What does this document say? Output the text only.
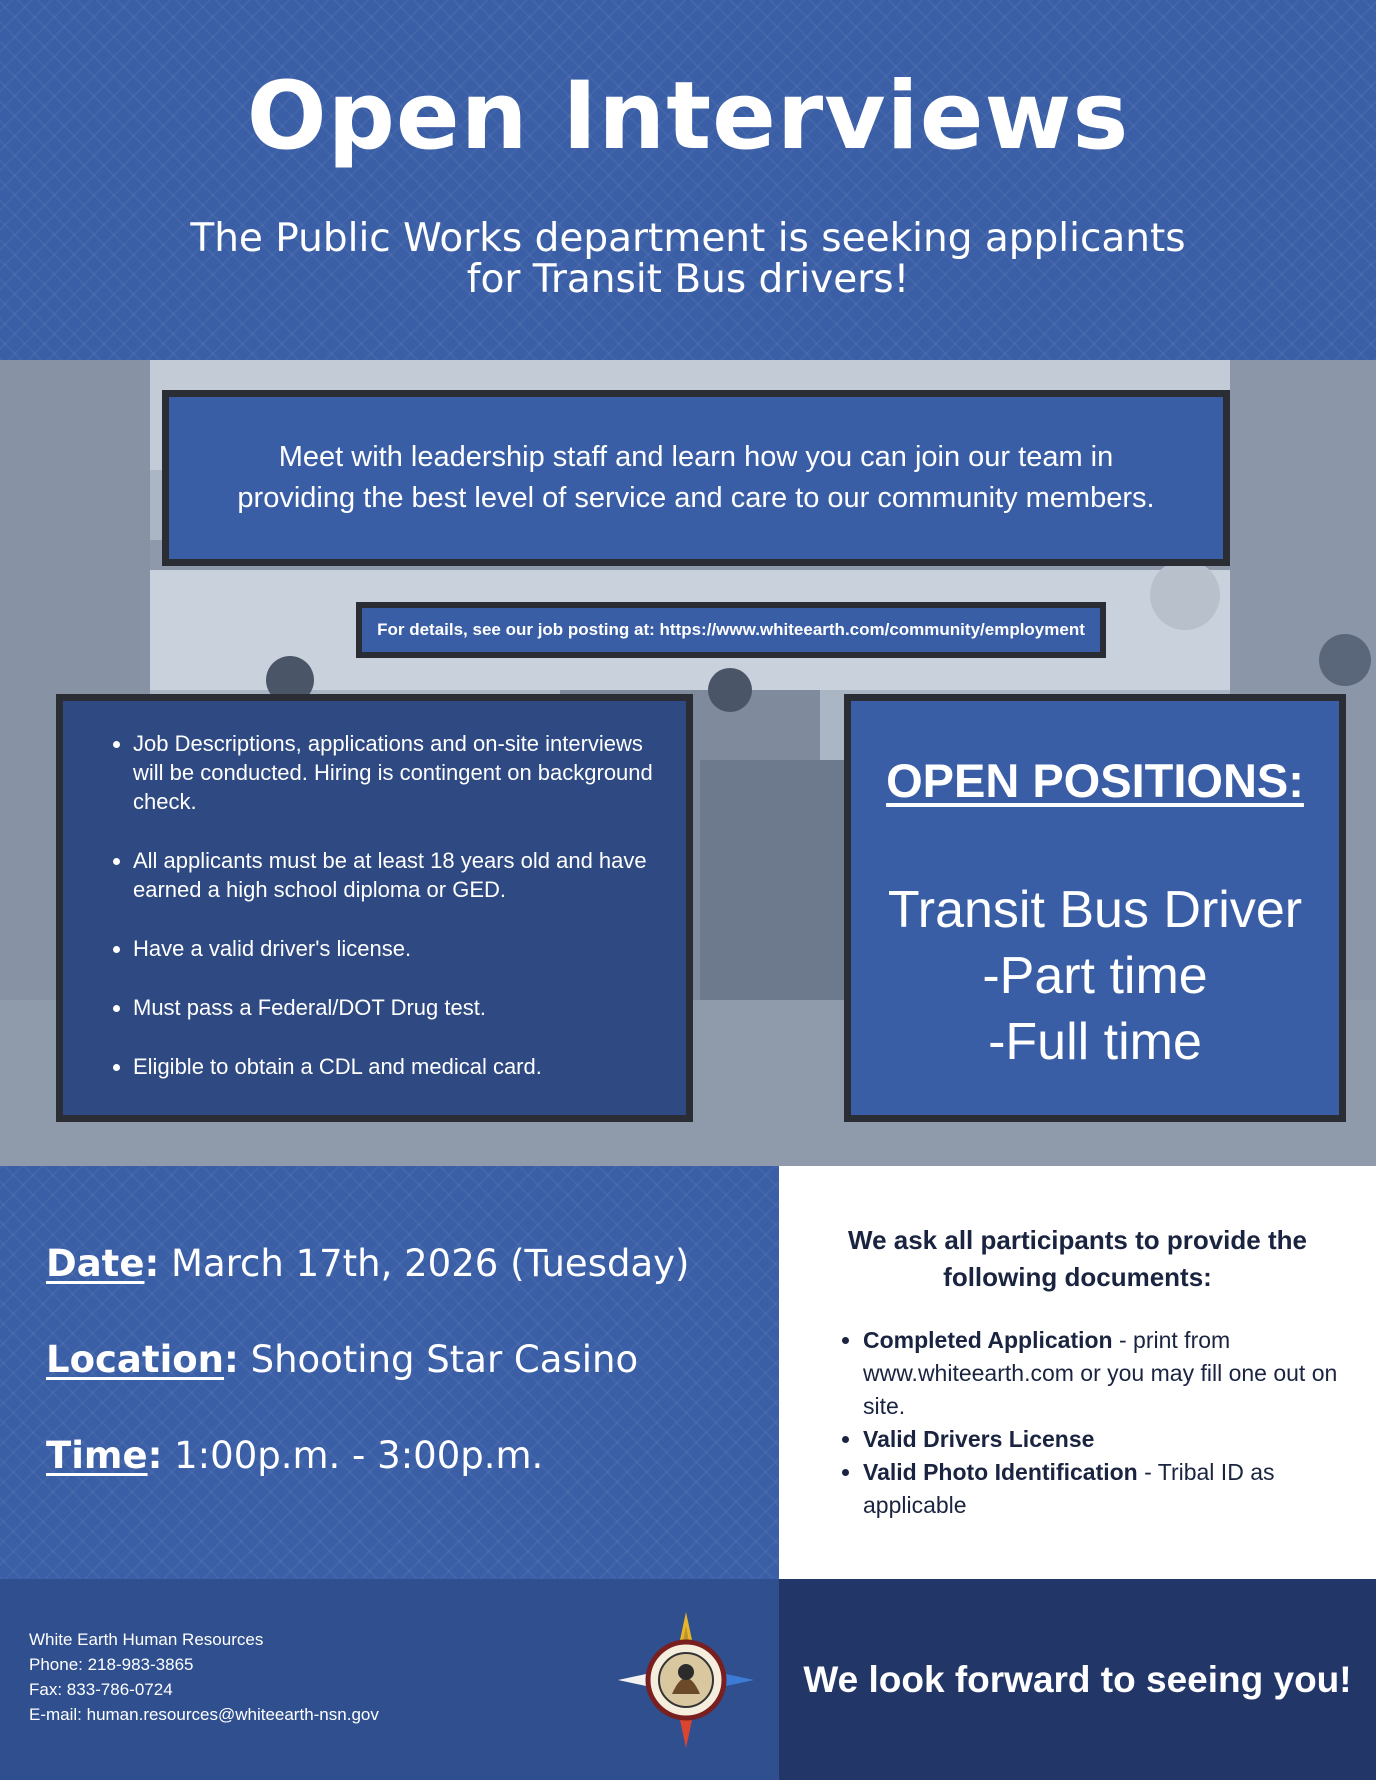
Open Interviews
The Public Works department is seeking applicants
for Transit Bus drivers!
Meet with leadership staff and learn how you can join our team in providing the best level of service and care to our community members.
For details, see our job posting at: https://www.whiteearth.com/community/employment
• Job Descriptions, applications and on-site interviews will be conducted. Hiring is contingent on background check.
• All applicants must be at least 18 years old and have earned a high school diploma or GED.
• Have a valid driver's license.
• Must pass a Federal/DOT Drug test.
• Eligible to obtain a CDL and medical card.
OPEN POSITIONS:
Transit Bus Driver
-Part time
-Full time
Date: March 17th, 2026 (Tuesday)
Location: Shooting Star Casino
Time: 1:00p.m. - 3:00p.m.
We ask all participants to provide the following documents:
• Completed Application - print from www.whiteearth.com or you may fill one out on site.
• Valid Drivers License
• Valid Photo Identification - Tribal ID as applicable
White Earth Human Resources
Phone: 218-983-3865
Fax: 833-786-0724
E-mail: human.resources@whiteearth-nsn.gov
We look forward to seeing you!
